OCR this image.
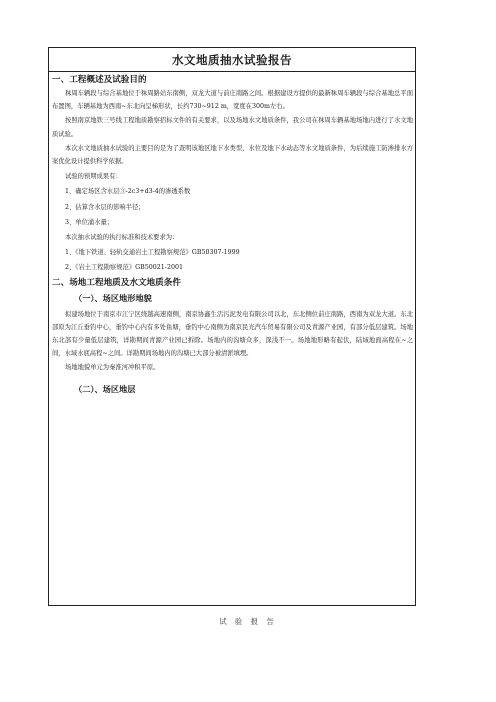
水文地质抽水试验报告

一、工程概述及试验目的

秣周车辆段与综合基地位于秣周路站东南侧，双龙大道与前庄南路之间。根据建设方提供的最新秣周车辆段与综合基地总平面布置图，车辆基地为西南~东北向呈梯形状，长约730~912 m，宽度在300m左右。

按照南京地铁三号线工程地质勘察招标文件的有关要求，以及场地水文地质条件，我公司在秣周车辆基地场地内进行了水文地质试验。

本次水文地质抽水试验的主要目的是为了查明该地区地下水类型、水位及地下水动态等水文地质条件，为后续施工防渗排水方案优化设计提供科学依据。

试验的预期成果有：

1、确定场区含水层③-2c3+d3-4的渗透系数

2、估算含水层的影响半径；

3、单位涌水量；

本次抽水试验的执行标准和技术要求为：

1、《地下铁道、轻轨交通岩土工程勘察规范》GB50307-1999

2、《岩土工程勘察规范》GB50021-2001

二、场地工程地质及水文地质条件

（一）、场区地形地貌

拟建场地位于南京市江宁区绕越高速南侧，南京协鑫生活污泥发电有限公司以北，东北侧位前庄南路，西南为双龙大道。东北部原为江丘垂钓中心，垂钓中心内有多处鱼塘，垂钓中心南侧为南京民光汽车贸易有限公司及青源产业园，有部分低层建筑。场地东北部有少量低层建筑，详勘期间青源产业园已拆除。场地内的沟塘众多，深浅不一。场地地形略有起伏，陆域地面高程在~之间，水域水底高程~之间。详勘期间场地内的沟塘已大部分被清淤填埋。

场地地貌单元为秦淮河冲积平原。

（二）、场区地层

试 验 报 告
